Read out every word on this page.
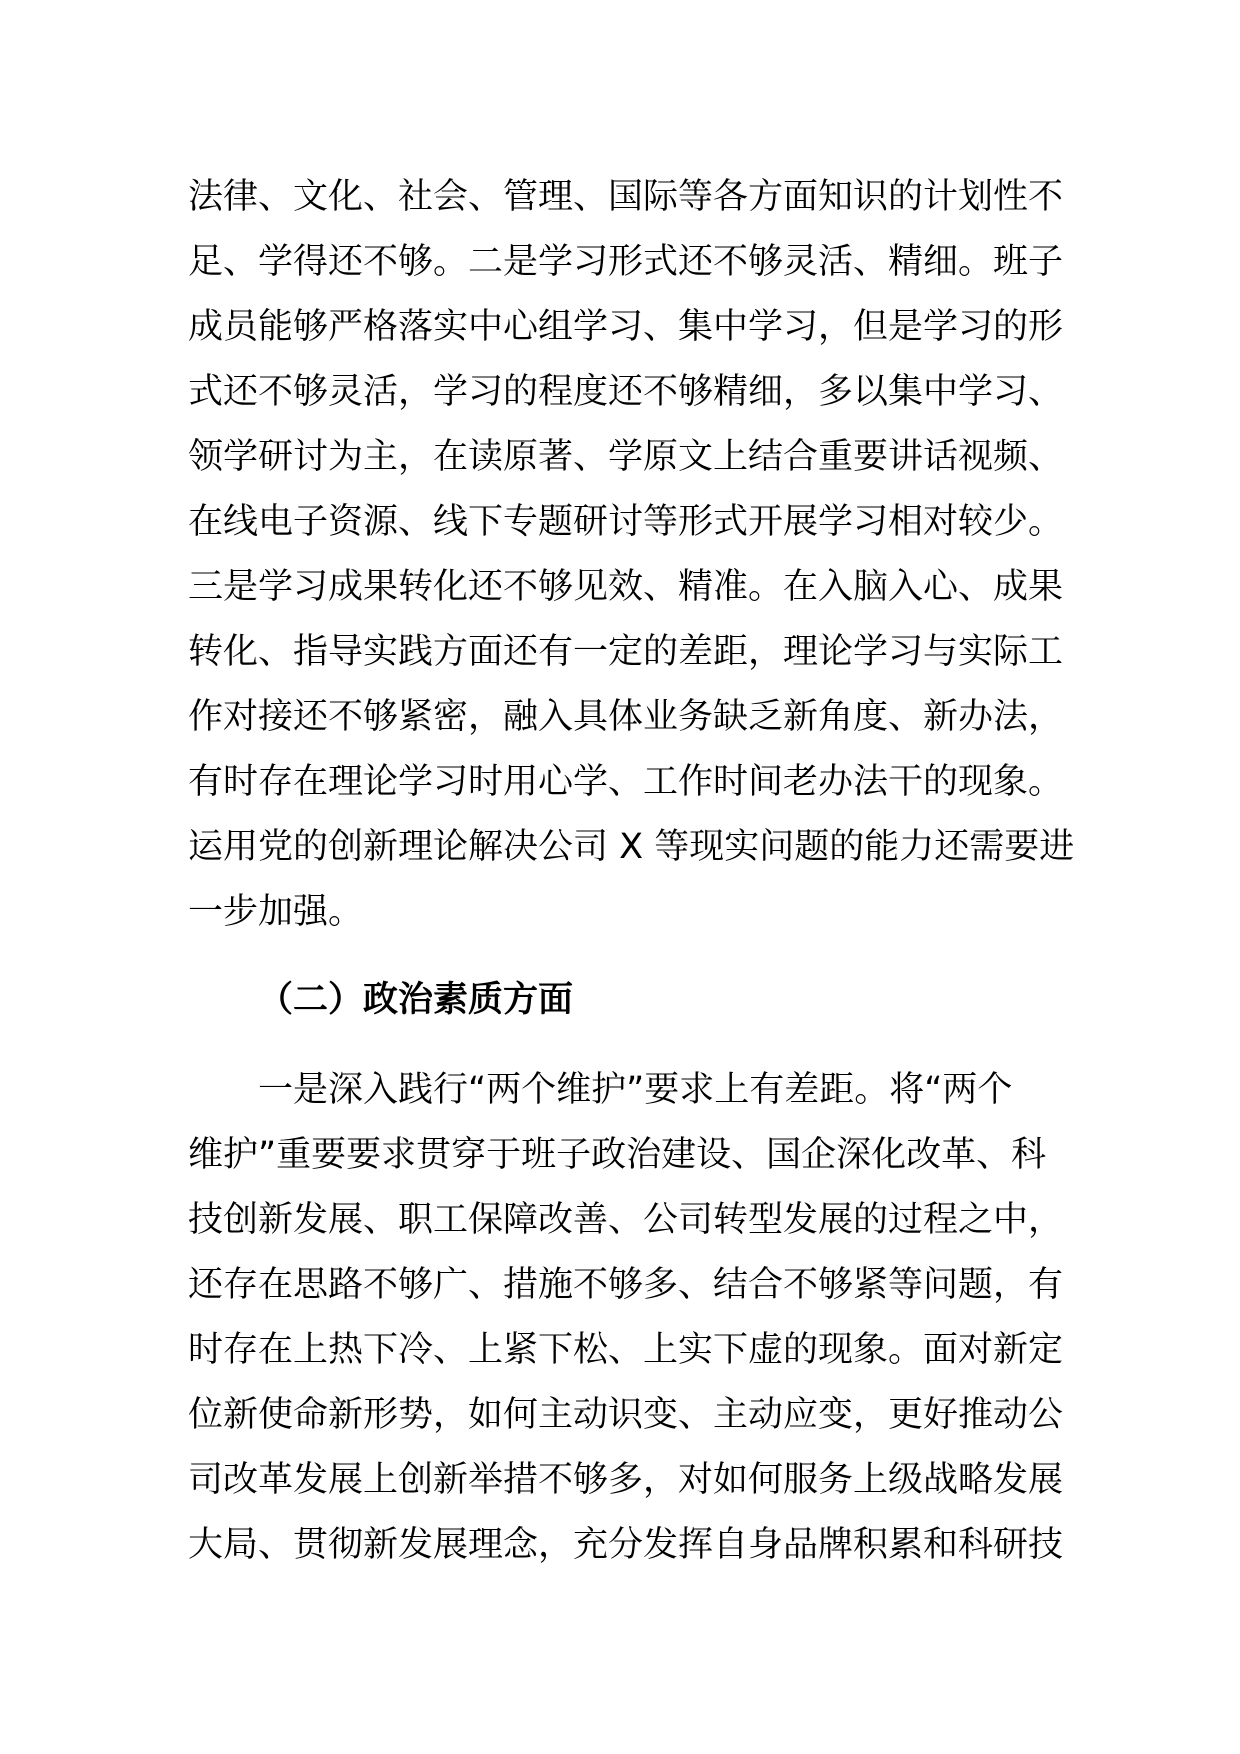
法律、文化、社会、管理、国际等各方面知识的计划性不
足、学得还不够。二是学习形式还不够灵活、精细。班子
成员能够严格落实中心组学习、集中学习，但是学习的形
式还不够灵活，学习的程度还不够精细，多以集中学习、
领学研讨为主，在读原著、学原文上结合重要讲话视频、
在线电子资源、线下专题研讨等形式开展学习相对较少。
三是学习成果转化还不够见效、精准。在入脑入心、成果
转化、指导实践方面还有一定的差距，理论学习与实际工
作对接还不够紧密，融入具体业务缺乏新角度、新办法，
有时存在理论学习时用心学、工作时间老办法干的现象。
运用党的创新理论解决公司 X 等现实问题的能力还需要进
一步加强。
（二）政治素质方面
一是深入践行“两个维护”要求上有差距。将“两个
维护”重要要求贯穿于班子政治建设、国企深化改革、科
技创新发展、职工保障改善、公司转型发展的过程之中，
还存在思路不够广、措施不够多、结合不够紧等问题，有
时存在上热下冷、上紧下松、上实下虚的现象。面对新定
位新使命新形势，如何主动识变、主动应变，更好推动公
司改革发展上创新举措不够多，对如何服务上级战略发展
大局、贯彻新发展理念，充分发挥自身品牌积累和科研技
